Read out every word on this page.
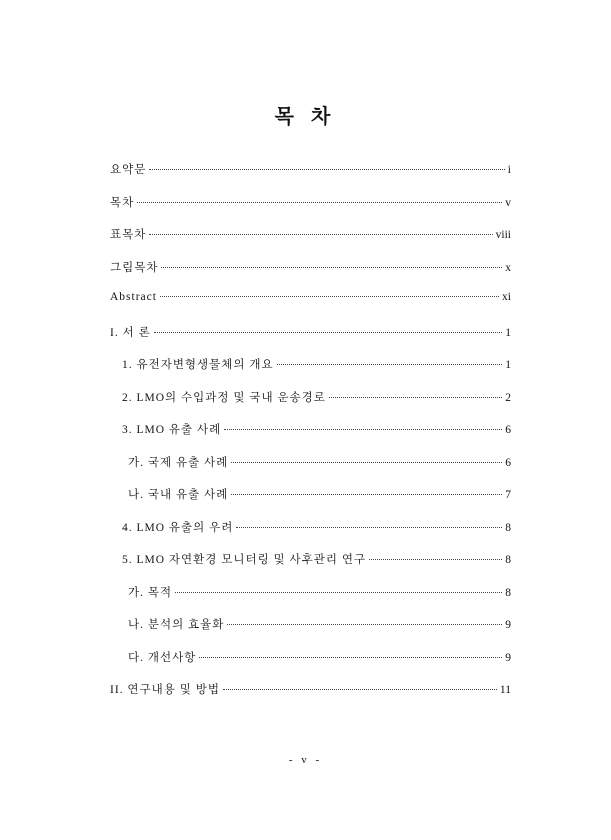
목 차
요약문	i
목차	v
표목차	viii
그림목차	x
Abstract	xi
I. 서 론	1
1. 유전자변형생물체의 개요	1
2. LMO의 수입과정 및 국내 운송경로	2
3. LMO 유출 사례	6
가. 국제 유출 사례	6
나. 국내 유출 사례	7
4. LMO 유출의 우려	8
5. LMO 자연환경 모니터링 및 사후관리 연구	8
가. 목적	8
나. 분석의 효율화	9
다. 개선사항	9
II. 연구내용 및 방법	11
- v -
